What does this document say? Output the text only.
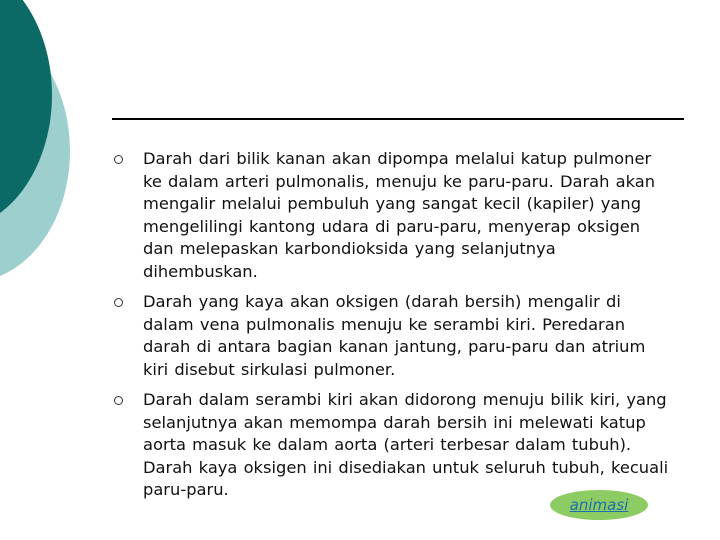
Darah dari bilik kanan akan dipompa melalui katup pulmoner ke dalam arteri pulmonalis, menuju ke paru-paru. Darah akan mengalir melalui pembuluh yang sangat kecil (kapiler) yang mengelilingi kantong udara di paru-paru, menyerap oksigen dan melepaskan karbondioksida yang selanjutnya dihembuskan.
Darah yang kaya akan oksigen (darah bersih) mengalir di dalam vena pulmonalis menuju ke serambi kiri. Peredaran darah di antara bagian kanan jantung, paru-paru dan atrium kiri disebut sirkulasi pulmoner.
Darah dalam serambi kiri akan didorong menuju bilik kiri, yang selanjutnya akan memompa darah bersih ini melewati katup aorta masuk ke dalam aorta (arteri terbesar dalam tubuh). Darah kaya oksigen ini disediakan untuk seluruh tubuh, kecuali paru-paru.
animasi
